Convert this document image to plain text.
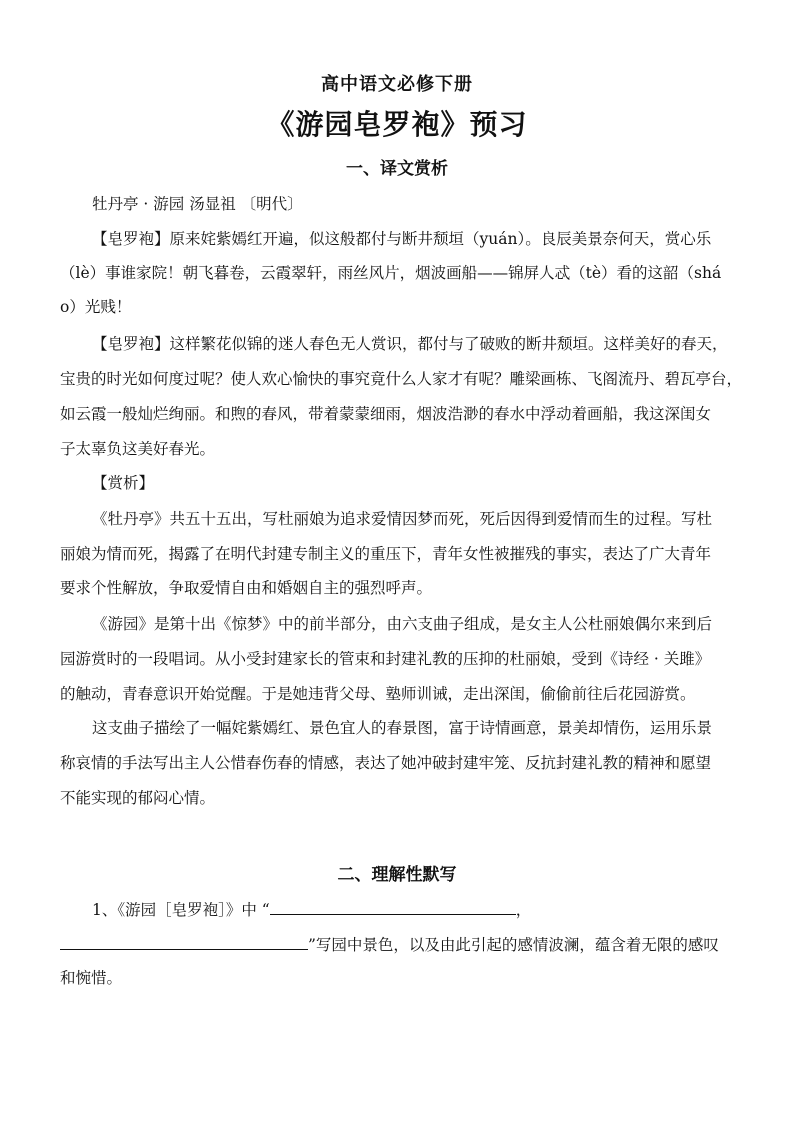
高中语文必修下册
《游园皂罗袍》预习
一、译文赏析
牡丹亭 · 游园 汤显祖 〔明代〕
【皂罗袍】原来姹紫嫣红开遍，似这般都付与断井颓垣（yuán）。良辰美景奈何天，赏心乐
（lè）事谁家院！朝飞暮卷，云霞翠轩，雨丝风片，烟波画船——锦屏人忒（tè）看的这韶（shá
o）光贱！
【皂罗袍】这样繁花似锦的迷人春色无人赏识，都付与了破败的断井颓垣。这样美好的春天，
宝贵的时光如何度过呢？使人欢心愉快的事究竟什么人家才有呢？雕梁画栋、飞阁流丹、碧瓦亭台，
如云霞一般灿烂绚丽。和煦的春风，带着蒙蒙细雨，烟波浩渺的春水中浮动着画船，我这深闺女
子太辜负这美好春光。
【赏析】
《牡丹亭》共五十五出，写杜丽娘为追求爱情因梦而死，死后因得到爱情而生的过程。写杜
丽娘为情而死，揭露了在明代封建专制主义的重压下，青年女性被摧残的事实，表达了广大青年
要求个性解放，争取爱情自由和婚姻自主的强烈呼声。
《游园》是第十出《惊梦》中的前半部分，由六支曲子组成，是女主人公杜丽娘偶尔来到后
园游赏时的一段唱词。从小受封建家长的管束和封建礼教的压抑的杜丽娘，受到《诗经 · 关雎》
的触动，青春意识开始觉醒。于是她违背父母、塾师训诫，走出深闺，偷偷前往后花园游赏。
这支曲子描绘了一幅姹紫嫣红、景色宜人的春景图，富于诗情画意，景美却情伤，运用乐景
称哀情的手法写出主人公惜春伤春的情感，表达了她冲破封建牢笼、反抗封建礼教的精神和愿望
不能实现的郁闷心情。
二、理解性默写
1、《游园［皂罗袍］》中 “	，
”写园中景色，以及由此引起的感情波澜，蕴含着无限的感叹
和惋惜。
